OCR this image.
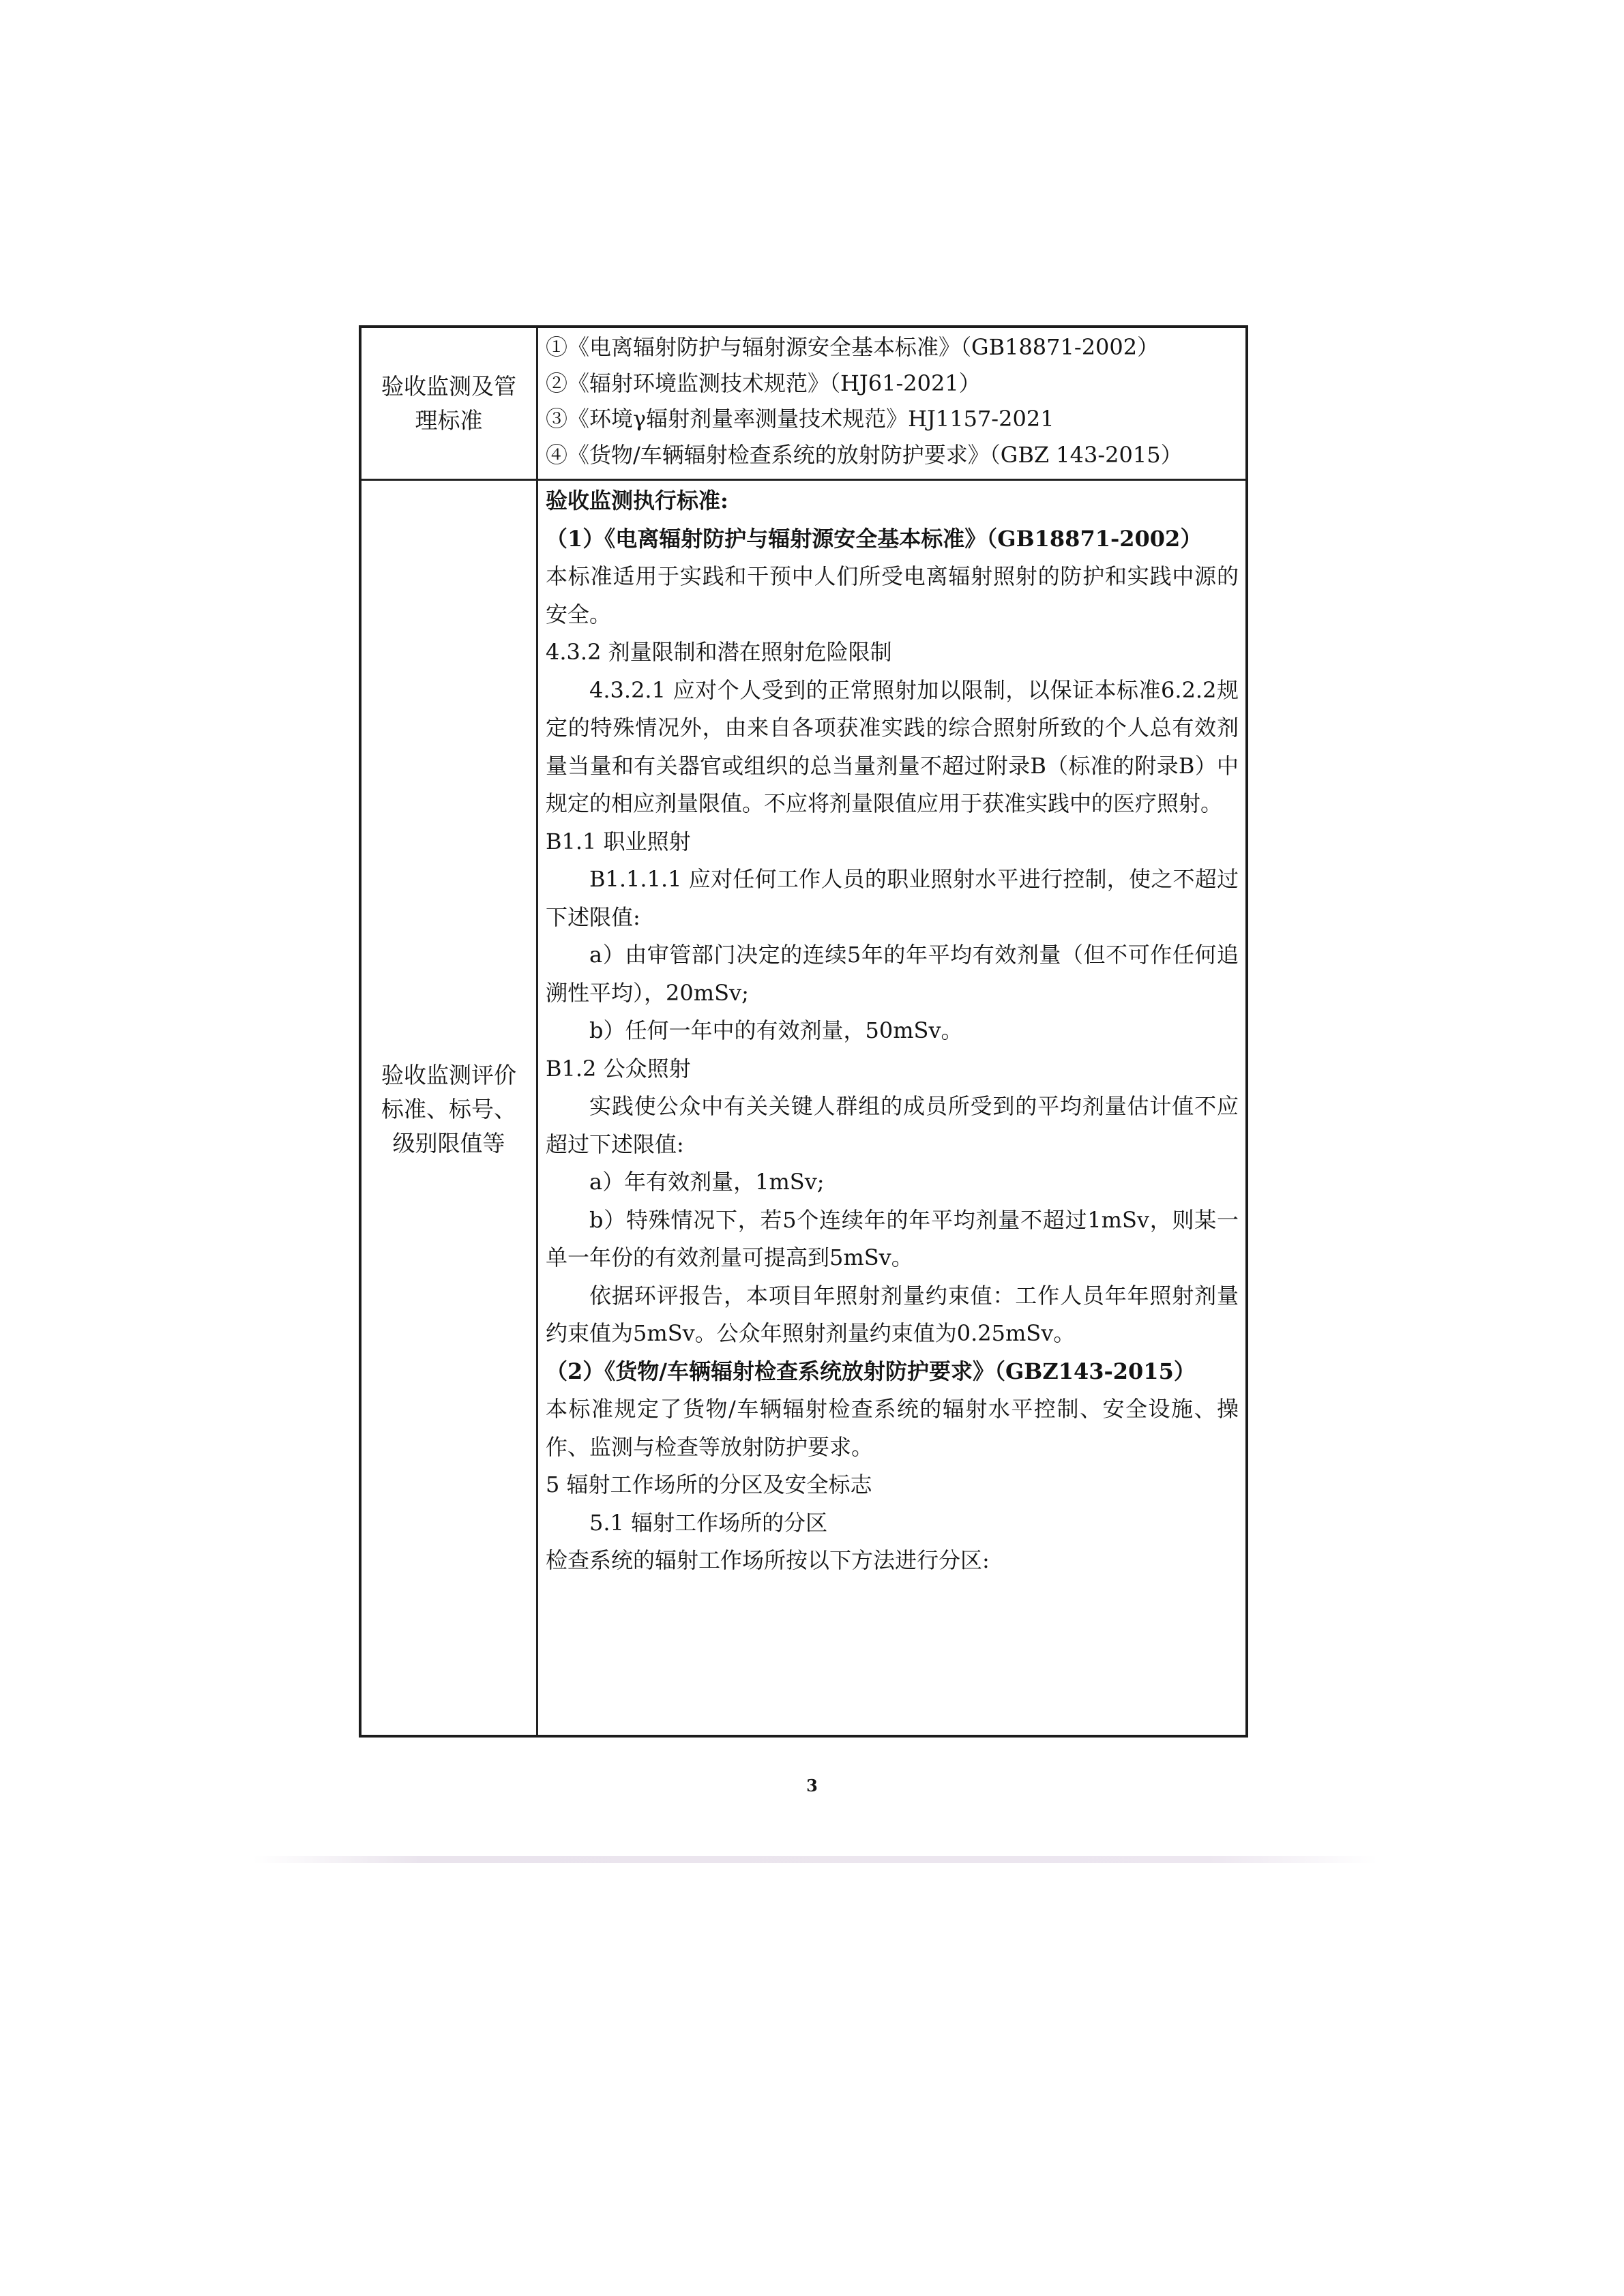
验收监测及管理标准
①《电离辐射防护与辐射源安全基本标准》（GB18871-2002）
②《辐射环境监测技术规范》（HJ61-2021）
③《环境γ辐射剂量率测量技术规范》HJ1157-2021
④《货物/车辆辐射检查系统的放射防护要求》（GBZ 143-2015）
验收监测评价标准、标号、级别限值等
验收监测执行标准:
（1）《电离辐射防护与辐射源安全基本标准》（GB18871-2002）
本标准适用于实践和干预中人们所受电离辐射照射的防护和实践中源的安全。
4.3.2 剂量限制和潜在照射危险限制
4.3.2.1 应对个人受到的正常照射加以限制，以保证本标准6.2.2规定的特殊情况外，由来自各项获准实践的综合照射所致的个人总有效剂量当量和有关器官或组织的总当量剂量不超过附录B（标准的附录B）中规定的相应剂量限值。不应将剂量限值应用于获准实践中的医疗照射。
B1.1 职业照射
B1.1.1.1 应对任何工作人员的职业照射水平进行控制，使之不超过下述限值:
a）由审管部门决定的连续5年的年平均有效剂量（但不可作任何追溯性平均），20mSv;
b）任何一年中的有效剂量，50mSv。
B1.2 公众照射
实践使公众中有关关键人群组的成员所受到的平均剂量估计值不应超过下述限值:
a）年有效剂量，1mSv;
b）特殊情况下，若5个连续年的年平均剂量不超过1mSv，则某一单一年份的有效剂量可提高到5mSv。
依据环评报告，本项目年照射剂量约束值：工作人员年年照射剂量约束值为5mSv。公众年照射剂量约束值为0.25mSv。
（2）《货物/车辆辐射检查系统放射防护要求》（GBZ143-2015）
本标准规定了货物/车辆辐射检查系统的辐射水平控制、安全设施、操作、监测与检查等放射防护要求。
5 辐射工作场所的分区及安全标志
5.1 辐射工作场所的分区
检查系统的辐射工作场所按以下方法进行分区:
3
